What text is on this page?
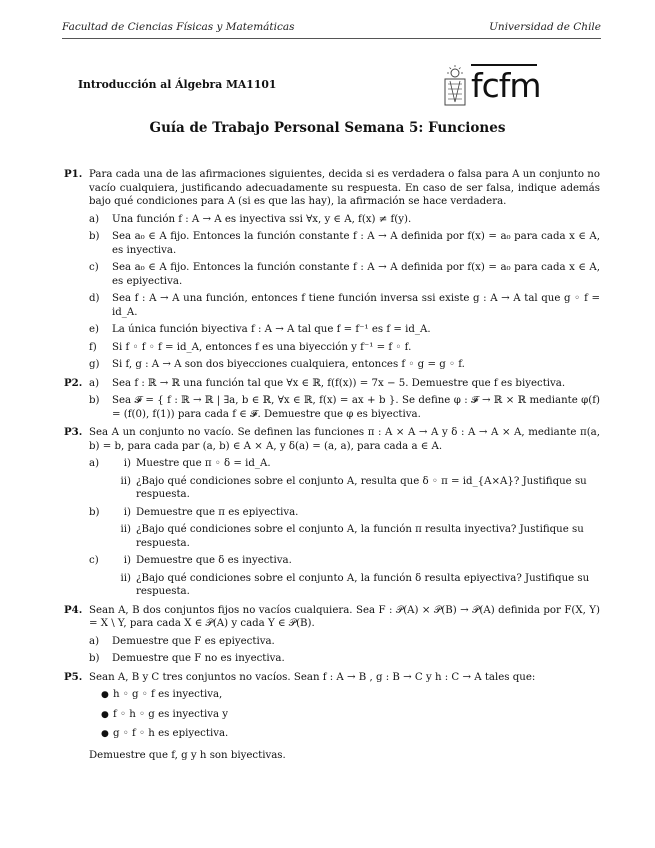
Facultad de Ciencias Físicas y Matemáticas	Universidad de Chile
Introducción al Álgebra MA1101	fcfm
Guía de Trabajo Personal Semana 5: Funciones
P1. Para cada una de las afirmaciones siguientes, decida si es verdadera o falsa para A un conjunto no vacío cualquiera, justificando adecuadamente su respuesta. En caso de ser falsa, indique además bajo qué condiciones para A (si es que las hay), la afirmación se hace verdadera.
a)	Una función f : A → A es inyectiva ssi ∀x, y ∈ A, f(x) ≠ f(y).
b)	Sea a₀ ∈ A fijo. Entonces la función constante f : A → A definida por f(x) = a₀ para cada x ∈ A, es inyectiva.
c)	Sea a₀ ∈ A fijo. Entonces la función constante f : A → A definida por f(x) = a₀ para cada x ∈ A, es epiyectiva.
d)	Sea f : A → A una función, entonces f tiene función inversa ssi existe g : A → A tal que g ◦ f = id_A.
e)	La única función biyectiva f : A → A tal que f = f⁻¹ es f = id_A.
f)	Si f ◦ f ◦ f = id_A, entonces f es una biyección y f⁻¹ = f ◦ f.
g)	Si f, g : A → A son dos biyecciones cualquiera, entonces f ◦ g = g ◦ f.
P2. a)	Sea f : ℝ → ℝ una función tal que ∀x ∈ ℝ, f(f(x)) = 7x − 5. Demuestre que f es biyectiva.
b)	Sea 𝓕 = { f : ℝ → ℝ | ∃a, b ∈ ℝ, ∀x ∈ ℝ, f(x) = ax + b }. Se define φ : 𝓕 → ℝ × ℝ mediante φ(f) = (f(0), f(1)) para cada f ∈ 𝓕. Demuestre que φ es biyectiva.
P3. Sea A un conjunto no vacío. Se definen las funciones π : A × A → A y δ : A → A × A, mediante π(a, b) = b, para cada par (a, b) ∈ A × A, y δ(a) = (a, a), para cada a ∈ A.
a)	i) Muestre que π ◦ δ = id_A.
ii) ¿Bajo qué condiciones sobre el conjunto A, resulta que δ ◦ π = id_{A×A}? Justifique su respuesta.
b)	i) Demuestre que π es epiyectiva.
ii) ¿Bajo qué condiciones sobre el conjunto A, la función π resulta inyectiva? Justifique su respuesta.
c)	i) Demuestre que δ es inyectiva.
ii) ¿Bajo qué condiciones sobre el conjunto A, la función δ resulta epiyectiva? Justifique su respuesta.
P4. Sean A, B dos conjuntos fijos no vacíos cualquiera. Sea F : 𝒫(A) × 𝒫(B) → 𝒫(A) definida por F(X, Y) = X \ Y, para cada X ∈ 𝒫(A) y cada Y ∈ 𝒫(B).
a)	Demuestre que F es epiyectiva.
b)	Demuestre que F no es inyectiva.
P5. Sean A, B y C tres conjuntos no vacíos. Sean f : A → B , g : B → C y h : C → A tales que:
● h ◦ g ◦ f es inyectiva,
● f ◦ h ◦ g es inyectiva y
● g ◦ f ◦ h es epiyectiva.
Demuestre que f, g y h son biyectivas.
